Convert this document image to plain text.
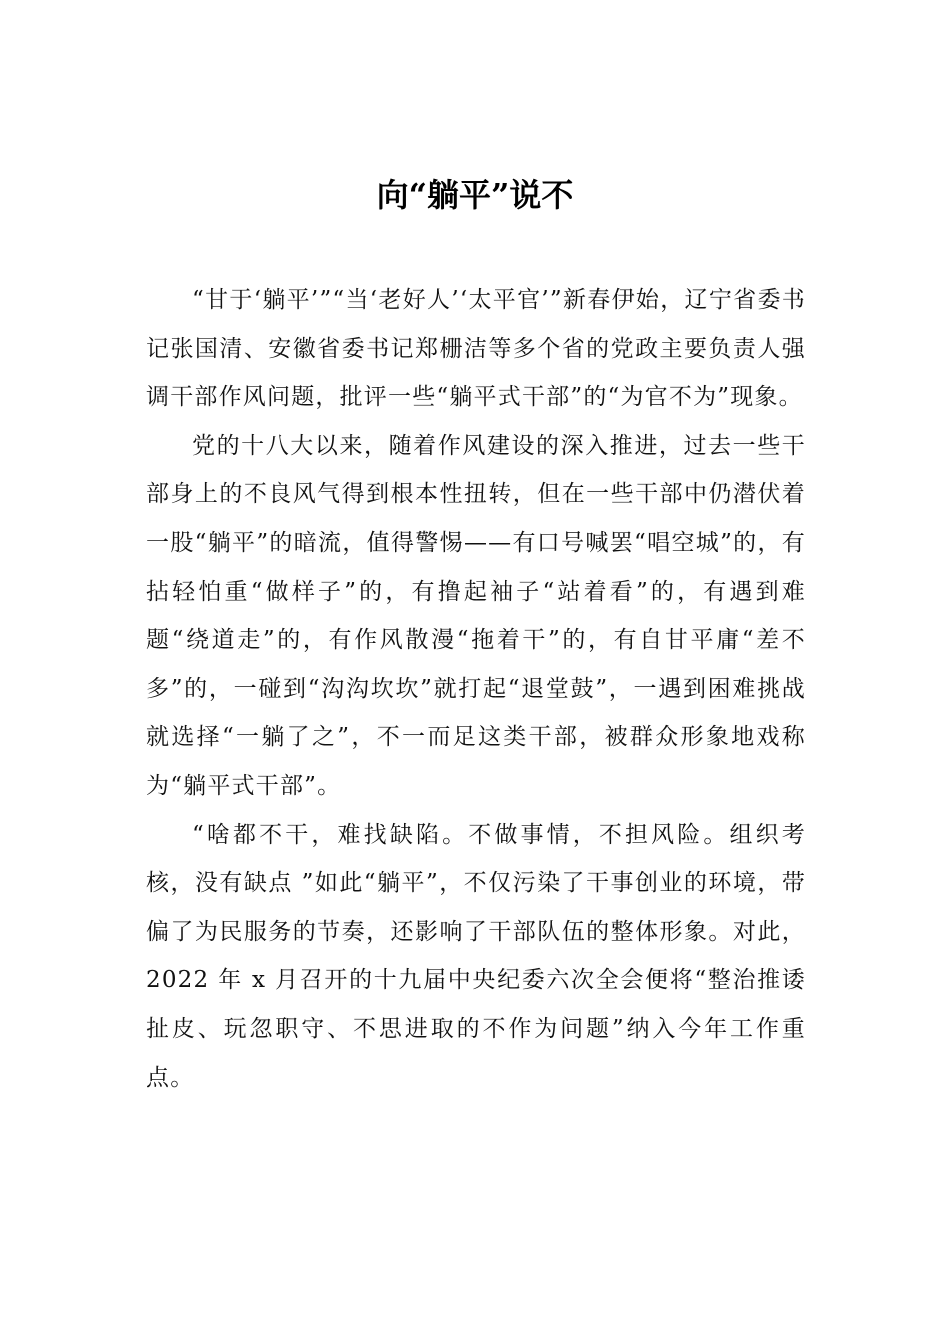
向“躺平”说不

“甘于‘躺平’”“当‘老好人’‘太平官’”新春伊始，辽宁省委书记张国清、安徽省委书记郑栅洁等多个省的党政主要负责人强调干部作风问题，批评一些“躺平式干部”的“为官不为”现象。

党的十八大以来，随着作风建设的深入推进，过去一些干部身上的不良风气得到根本性扭转，但在一些干部中仍潜伏着一股“躺平”的暗流，值得警惕——有口号喊罢“唱空城”的，有拈轻怕重“做样子”的，有撸起袖子“站着看”的，有遇到难题“绕道走”的，有作风散漫“拖着干”的，有自甘平庸“差不多”的，一碰到“沟沟坎坎”就打起“退堂鼓”，一遇到困难挑战就选择“一躺了之”，不一而足这类干部，被群众形象地戏称为“躺平式干部”。

“啥都不干，难找缺陷。不做事情，不担风险。组织考核，没有缺点 ”如此“躺平”，不仅污染了干事创业的环境，带偏了为民服务的节奏，还影响了干部队伍的整体形象。对此，2022 年 x 月召开的十九届中央纪委六次全会便将“整治推诿扯皮、玩忽职守、不思进取的不作为问题”纳入今年工作重点。
